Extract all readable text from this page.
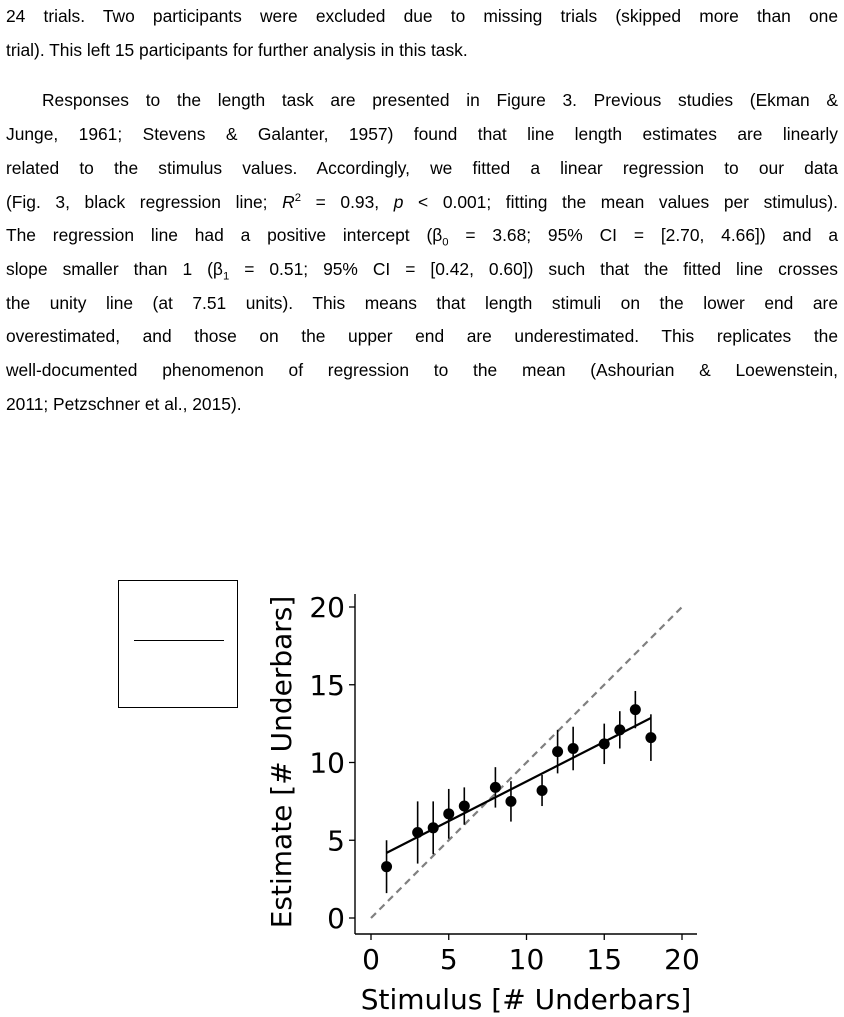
24 trials. Two participants were excluded due to missing trials (skipped more than one
trial). This left 15 participants for further analysis in this task.

Responses to the length task are presented in Figure 3. Previous studies (Ekman &
Junge, 1961; Stevens & Galanter, 1957) found that line length estimates are linearly
related to the stimulus values. Accordingly, we fitted a linear regression to our data
(Fig. 3, black regression line; $R^2 = 0.93$, p < 0.001; fitting the mean values per stimulus).
The regression line had a positive intercept ($\beta_0 = 3.68$; 95% CI = [2.70, 4.66]) and a
slope smaller than 1 ($\beta_1 = 0.51$; 95% CI = [0.42, 0.60]) such that the fitted line crosses
the unity line (at 7.51 units). This means that length stimuli on the lower end are
overestimated, and those on the upper end are underestimated. This replicates the
well-documented phenomenon of regression to the mean (Ashourian & Loewenstein,
2011; Petzschner et al., 2015).

0
5
10
15
20
0 5 10 15 20
Stimulus [# Underbars]
Estimate [# Underbars]
